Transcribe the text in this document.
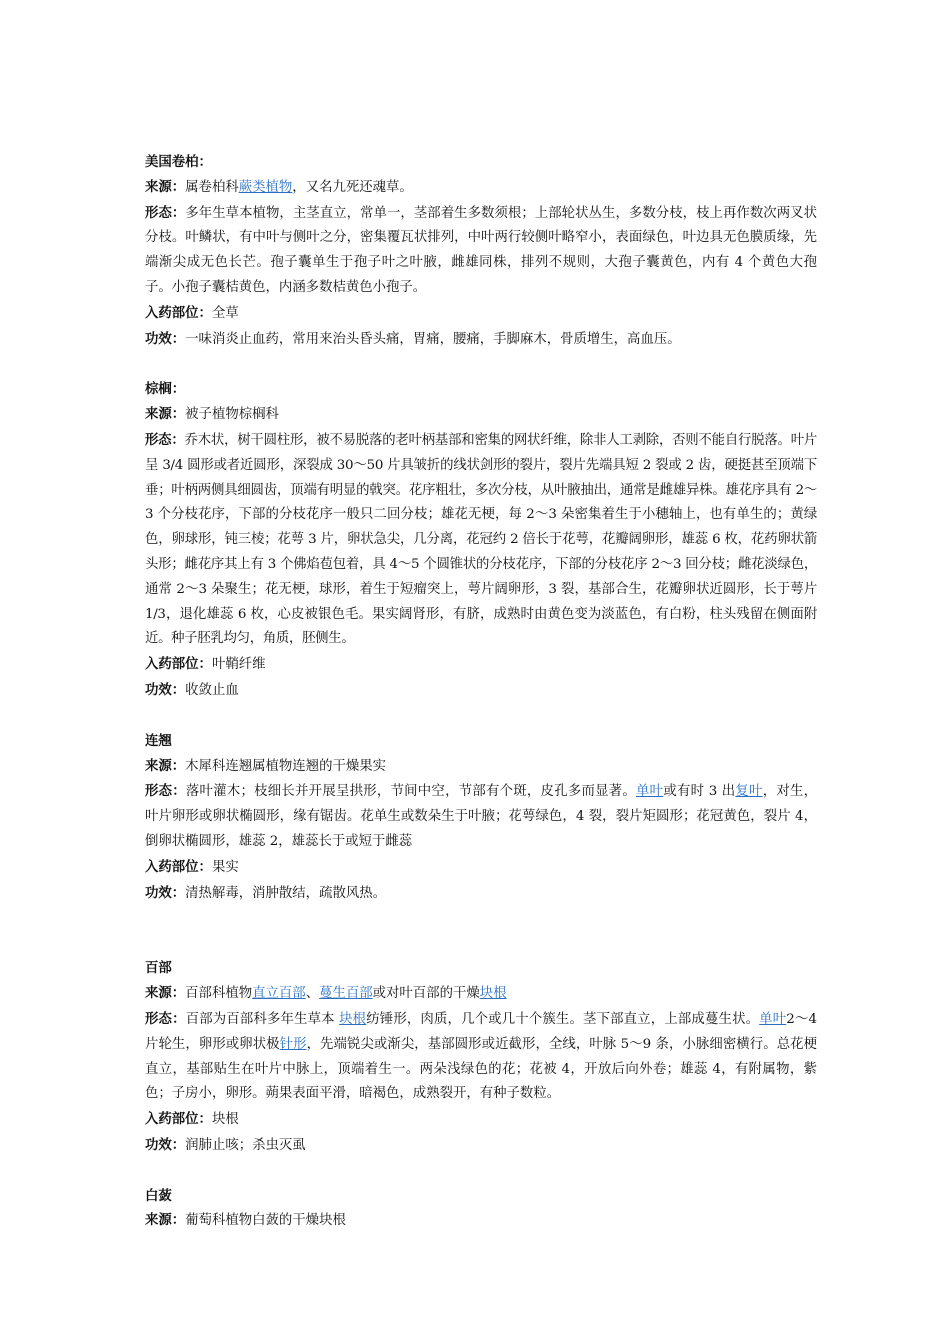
美国卷柏：

来源：属卷柏科蕨类植物，又名九死还魂草。

形态：多年生草本植物，主茎直立，常单一，茎部着生多数须根；上部轮状丛生，多数分枝，枝上再作数次两叉状分枝。叶鳞状，有中叶与侧叶之分，密集覆瓦状排列，中叶两行较侧叶略窄小，表面绿色，叶边具无色膜质缘，先端渐尖成无色长芒。孢子囊单生于孢子叶之叶腋，雌雄同株，排列不规则，大孢子囊黄色，内有 4 个黄色大孢子。小孢子囊桔黄色，内涵多数桔黄色小孢子。

入药部位：全草

功效：一味消炎止血药，常用来治头昏头痛，胃痛，腰痛，手脚麻木，骨质增生，高血压。

棕榈：

来源：被子植物棕榈科

形态：乔木状，树干圆柱形，被不易脱落的老叶柄基部和密集的网状纤维，除非人工剥除，否则不能自行脱落。叶片呈 3/4 圆形或者近圆形，深裂成 30～50 片具皱折的线状剑形的裂片，裂片先端具短 2 裂或 2 齿，硬挺甚至顶端下垂；叶柄两侧具细圆齿，顶端有明显的戟突。花序粗壮，多次分枝，从叶腋抽出，通常是雌雄异株。雄花序具有 2～3 个分枝花序，下部的分枝花序一般只二回分枝；雄花无梗，每 2～3 朵密集着生于小穗轴上，也有单生的；黄绿色，卵球形，钝三棱；花萼 3 片，卵状急尖，几分离，花冠约 2 倍长于花萼，花瓣阔卵形，雄蕊 6 枚，花药卵状箭头形；雌花序其上有 3 个佛焰苞包着，具 4～5 个圆锥状的分枝花序，下部的分枝花序 2～3 回分枝；雌花淡绿色，通常 2～3 朵聚生；花无梗，球形，着生于短瘤突上，萼片阔卵形，3 裂，基部合生，花瓣卵状近圆形，长于萼片 1/3，退化雄蕊 6 枚，心皮被银色毛。果实阔肾形，有脐，成熟时由黄色变为淡蓝色，有白粉，柱头残留在侧面附近。种子胚乳均匀，角质，胚侧生。

入药部位：叶鞘纤维

功效：收敛止血

连翘

来源：木犀科连翘属植物连翘的干燥果实

形态：落叶灌木；枝细长并开展呈拱形，节间中空，节部有个斑，皮孔多而显著。单叶或有时 3 出复叶，对生，叶片卵形或卵状椭圆形，缘有锯齿。花单生或数朵生于叶腋；花萼绿色，4 裂，裂片矩圆形；花冠黄色，裂片 4，倒卵状椭圆形，雄蕊 2，雄蕊长于或短于雌蕊

入药部位：果实

功效：清热解毒，消肿散结，疏散风热。

百部

来源：百部科植物直立百部、蔓生百部或对叶百部的干燥块根

形态：百部为百部科多年生草本 块根纺锤形，肉质，几个或几十个簇生。茎下部直立，上部成蔓生状。单叶2～4 片轮生，卵形或卵状极针形，先端锐尖或渐尖，基部圆形或近截形，全线，叶脉 5～9 条，小脉细密横行。总花梗直立，基部贴生在叶片中脉上，顶端着生一。两朵浅绿色的花；花被 4，开放后向外卷；雄蕊 4，有附属物，紫色；子房小，卵形。蒴果表面平滑，暗褐色，成熟裂开，有种子数粒。

入药部位：块根

功效：润肺止咳；杀虫灭虱

白蔹

来源：葡萄科植物白蔹的干燥块根
